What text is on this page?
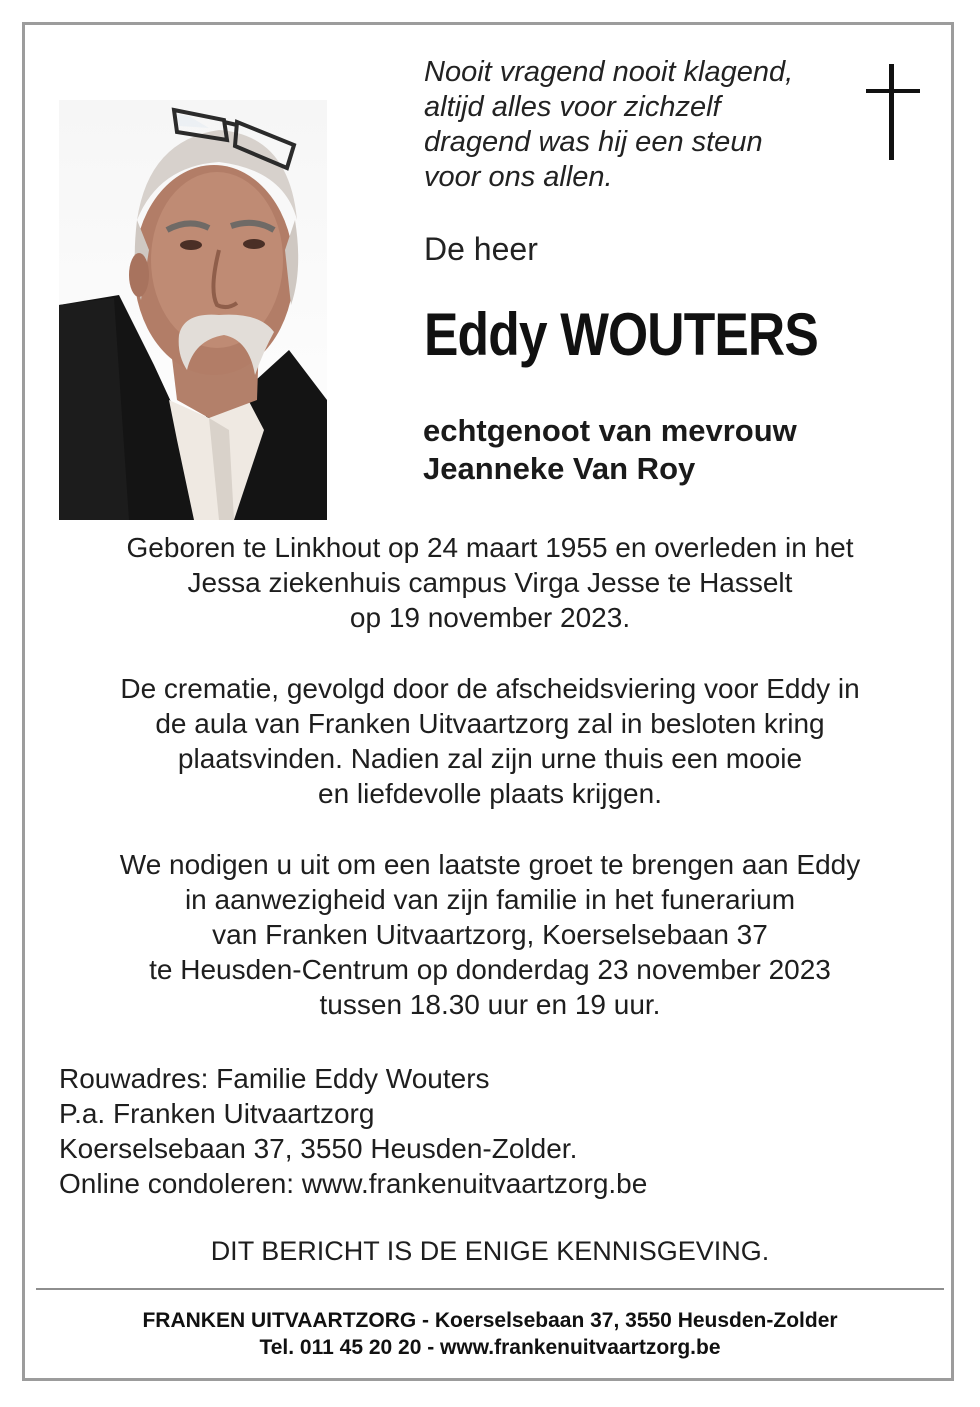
Nooit vragend nooit klagend,
altijd alles voor zichzelf
dragend was hij een steun
voor ons allen.
De heer
Eddy WOUTERS
echtgenoot van mevrouw
Jeanneke Van Roy
Geboren te Linkhout op 24 maart 1955 en overleden in het
Jessa ziekenhuis campus Virga Jesse te Hasselt
op 19 november 2023.
De crematie, gevolgd door de afscheidsviering voor Eddy in
de aula van Franken Uitvaartzorg zal in besloten kring
plaatsvinden. Nadien zal zijn urne thuis een mooie
en liefdevolle plaats krijgen.
We nodigen u uit om een laatste groet te brengen aan Eddy
in aanwezigheid van zijn familie in het funerarium
van Franken Uitvaartzorg, Koerselsebaan 37
te Heusden-Centrum op donderdag 23 november 2023
tussen 18.30 uur en 19 uur.
Rouwadres: Familie Eddy Wouters
P.a. Franken Uitvaartzorg
Koerselsebaan 37, 3550 Heusden-Zolder.
Online condoleren: www.frankenuitvaartzorg.be
DIT BERICHT IS DE ENIGE KENNISGEVING.
FRANKEN UITVAARTZORG - Koerselsebaan 37, 3550 Heusden-Zolder
Tel. 011 45 20 20 - www.frankenuitvaartzorg.be
